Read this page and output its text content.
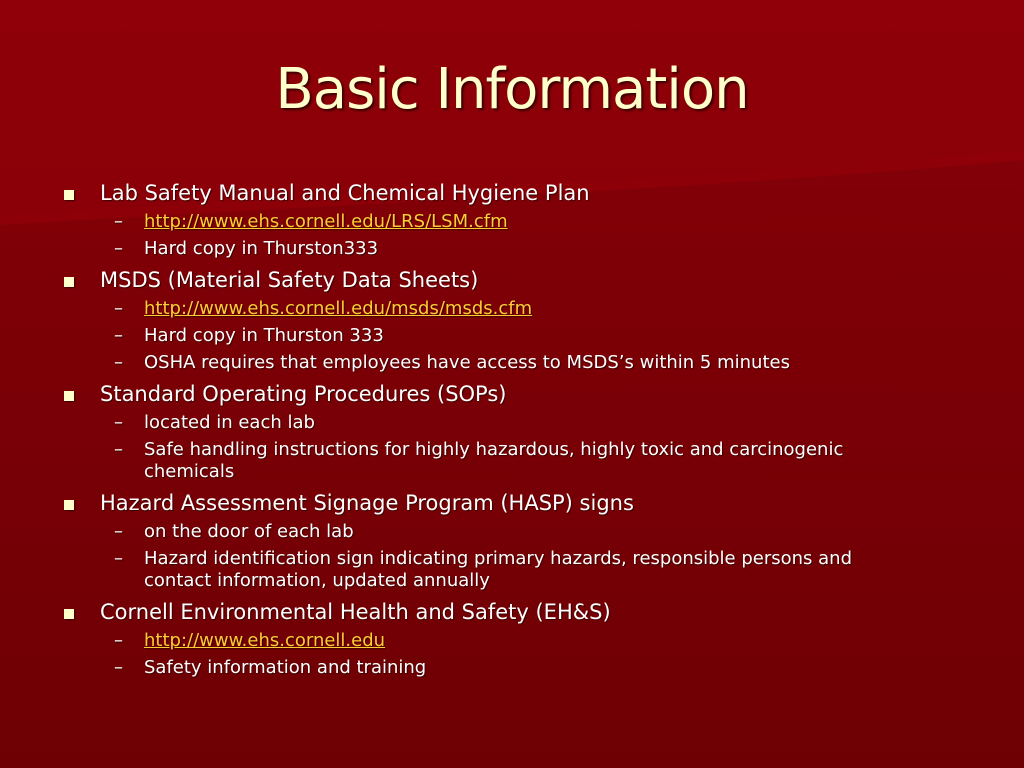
Basic Information
Lab Safety Manual and Chemical Hygiene Plan
– http://www.ehs.cornell.edu/LRS/LSM.cfm
– Hard copy in Thurston333
MSDS (Material Safety Data Sheets)
– http://www.ehs.cornell.edu/msds/msds.cfm
– Hard copy in Thurston 333
– OSHA requires that employees have access to MSDS’s within 5 minutes
Standard Operating Procedures (SOPs)
– located in each lab
– Safe handling instructions for highly hazardous, highly toxic and carcinogenic chemicals
Hazard Assessment Signage Program (HASP) signs
– on the door of each lab
– Hazard identification sign indicating primary hazards, responsible persons and contact information, updated annually
Cornell Environmental Health and Safety (EH&S)
– http://www.ehs.cornell.edu
– Safety information and training
